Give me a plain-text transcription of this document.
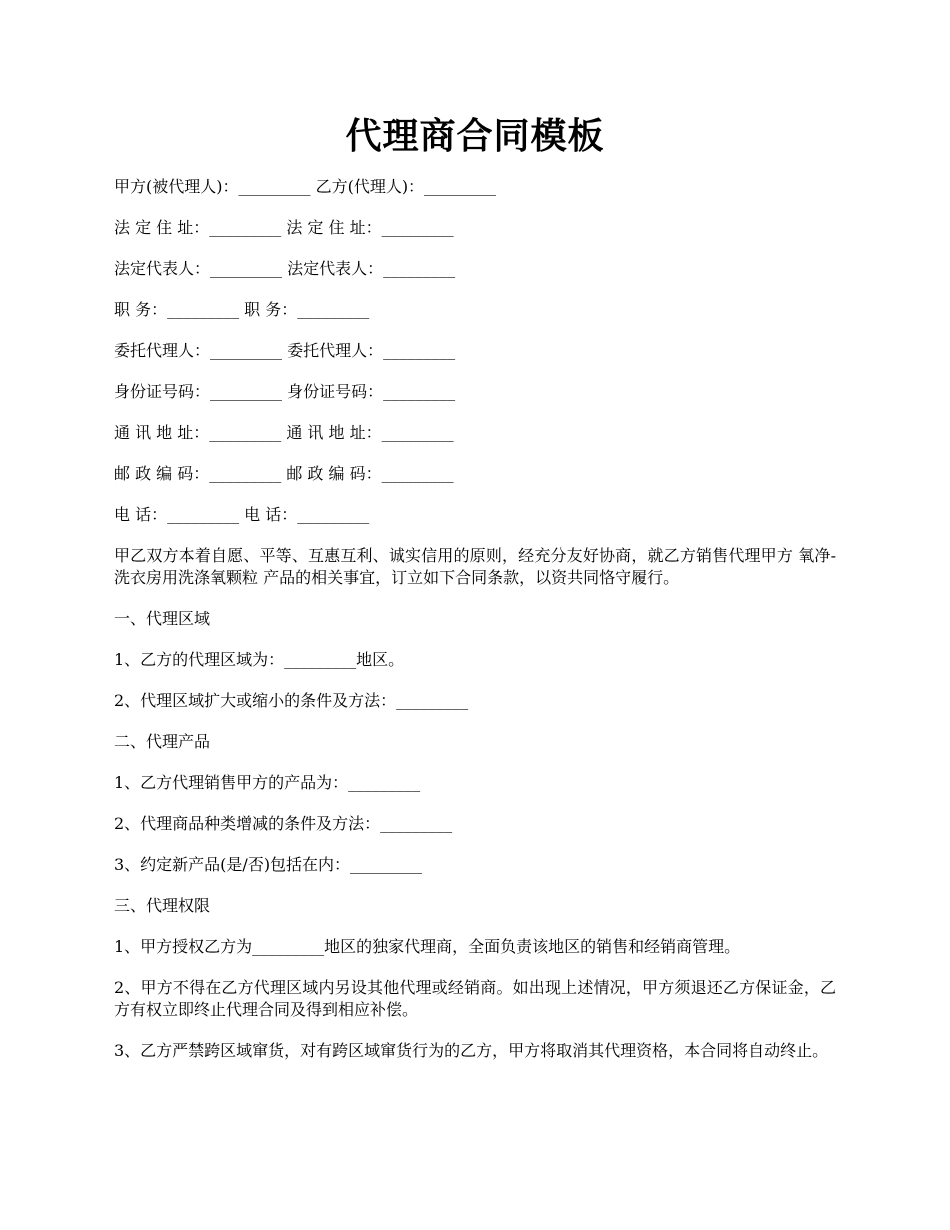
代理商合同模板

甲方(被代理人)：_________ 乙方(代理人)：_________

法 定 住 址：_________ 法 定 住 址：_________

法定代表人：_________ 法定代表人：_________

职 务：_________ 职 务：_________

委托代理人：_________ 委托代理人：_________

身份证号码：_________ 身份证号码：_________

通 讯 地 址：_________ 通 讯 地 址：_________

邮 政 编 码：_________ 邮 政 编 码：_________

电 话：_________ 电 话：_________

甲乙双方本着自愿、平等、互惠互利、诚实信用的原则，经充分友好协商，就乙方销售代理甲方 氧净-洗衣房用洗涤氧颗粒 产品的相关事宜，订立如下合同条款，以资共同恪守履行。

一、代理区域

1、乙方的代理区域为：_________地区。

2、代理区域扩大或缩小的条件及方法：_________

二、代理产品

1、乙方代理销售甲方的产品为：_________

2、代理商品种类增减的条件及方法：_________

3、约定新产品(是/否)包括在内：_________

三、代理权限

1、甲方授权乙方为_________地区的独家代理商，全面负责该地区的销售和经销商管理。

2、甲方不得在乙方代理区域内另设其他代理或经销商。如出现上述情况，甲方须退还乙方保证金，乙方有权立即终止代理合同及得到相应补偿。

3、乙方严禁跨区域窜货，对有跨区域窜货行为的乙方，甲方将取消其代理资格，本合同将自动终止。
